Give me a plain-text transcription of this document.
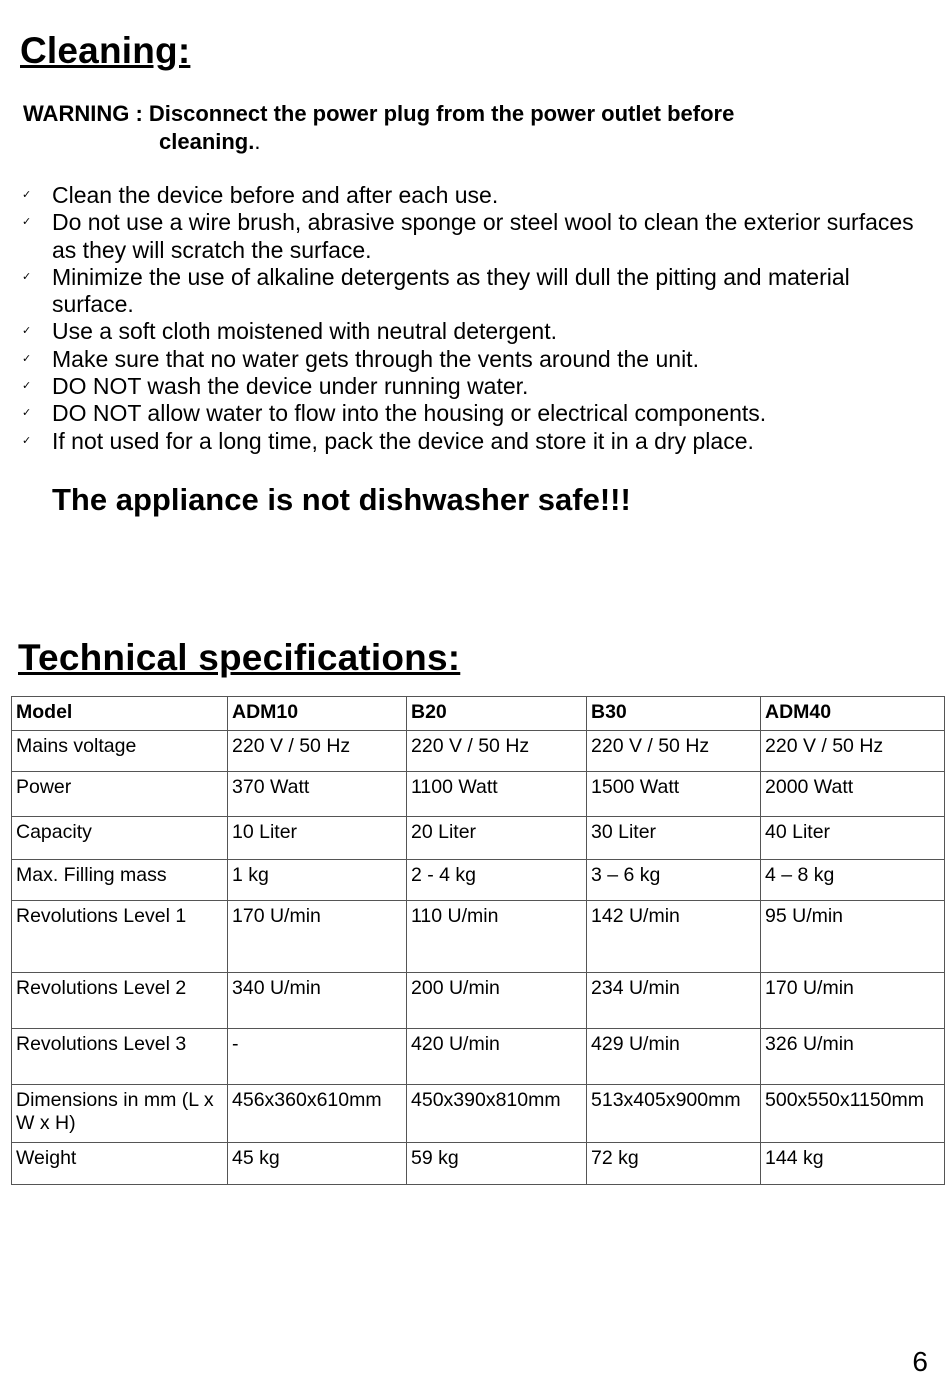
Cleaning:
WARNING : Disconnect the power plug from the power outlet before
cleaning..
✓ Clean the device before and after each use.
✓ Do not use a wire brush, abrasive sponge or steel wool to clean the exterior surfaces as they will scratch the surface.
✓ Minimize the use of alkaline detergents as they will dull the pitting and material surface.
✓ Use a soft cloth moistened with neutral detergent.
✓ Make sure that no water gets through the vents around the unit.
✓ DO NOT wash the device under running water.
✓ DO NOT allow water to flow into the housing or electrical components.
✓ If not used for a long time, pack the device and store it in a dry place.
The appliance is not dishwasher safe!!!
Technical specifications:
Model	ADM10	B20	B30	ADM40
Mains voltage	220 V / 50 Hz	220 V / 50 Hz	220 V / 50 Hz	220 V / 50 Hz
Power	370 Watt	1100 Watt	1500 Watt	2000 Watt
Capacity	10 Liter	20 Liter	30 Liter	40 Liter
Max. Filling mass	1 kg	2 - 4 kg	3 – 6 kg	4 – 8 kg
Revolutions Level 1	170 U/min	110 U/min	142 U/min	95 U/min
Revolutions Level 2	340 U/min	200 U/min	234 U/min	170 U/min
Revolutions Level 3	-	420 U/min	429 U/min	326 U/min
Dimensions in mm (L x W x H)	456x360x610mm	450x390x810mm	513x405x900mm	500x550x1150mm
Weight	45 kg	59 kg	72 kg	144 kg
6
